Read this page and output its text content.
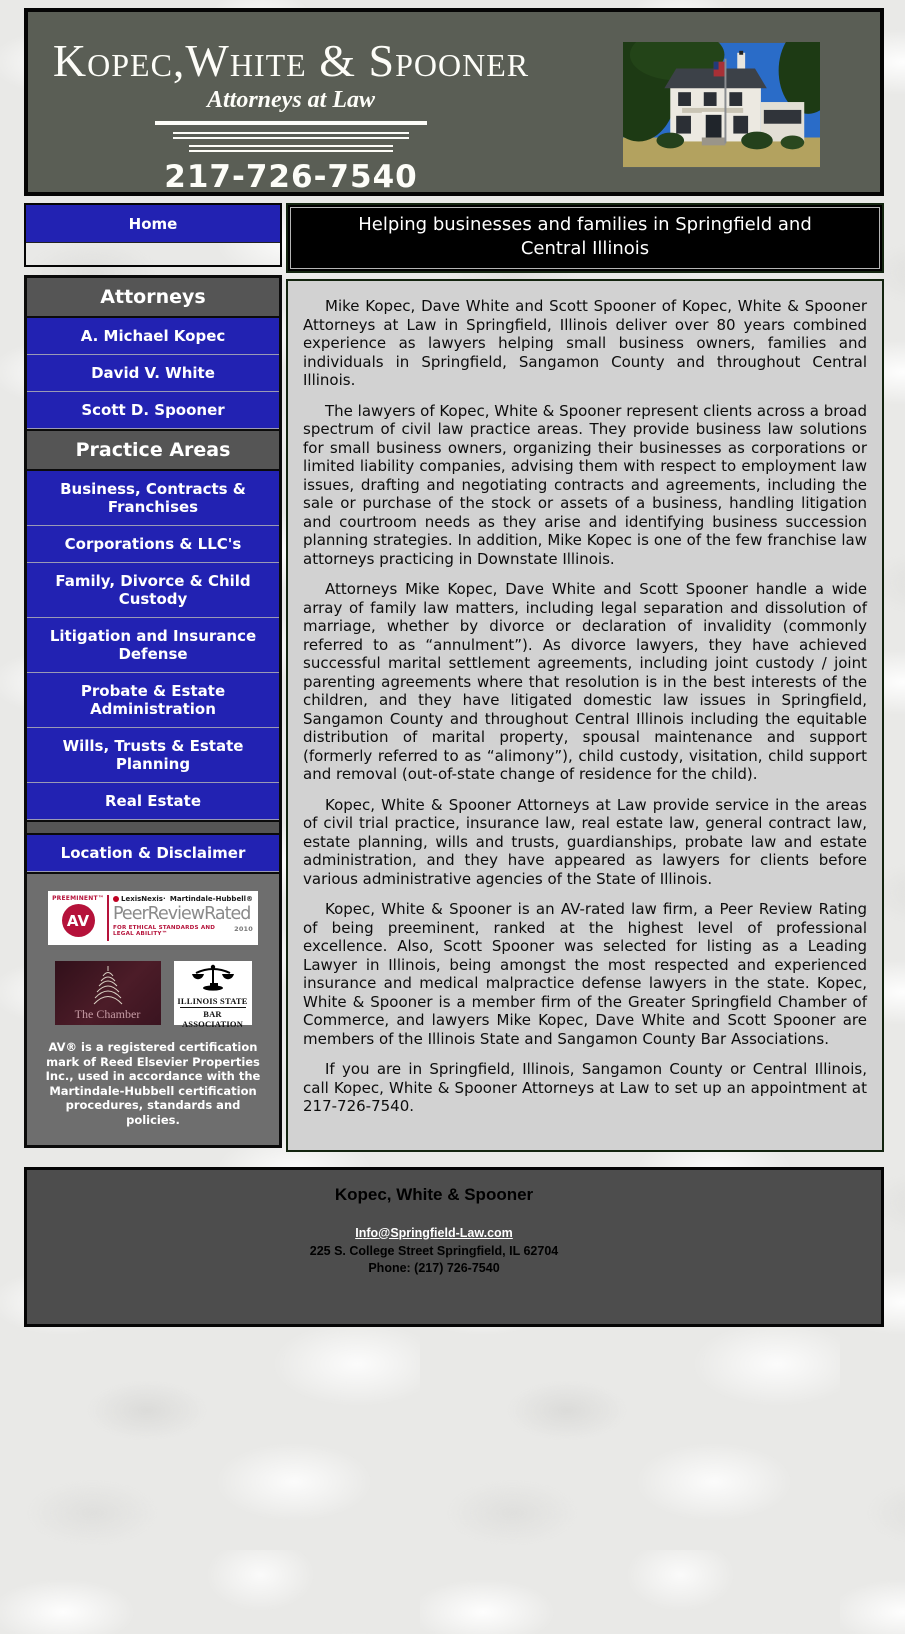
Kopec,White & Spooner
Attorneys at Law
217-726-7540
Home
Attorneys
A. Michael Kopec
David V. White
Scott D. Spooner
Practice Areas
Business, Contracts & Franchises
Corporations & LLC's
Family, Divorce & Child Custody
Litigation and Insurance Defense
Probate & Estate Administration
Wills, Trusts & Estate Planning
Real Estate
Location & Disclaimer
PREEMINENT™
AV
LexisNexis· Martindale-Hubbell®
PeerReviewRated
FOR ETHICAL STANDARDS AND LEGAL ABILITY™
2010
The Chamber
ILLINOIS STATE
BAR ASSOCIATION

AV® is a registered certification mark of Reed Elsevier Properties Inc., used in accordance with the Martindale-Hubbell certification procedures, standards and policies.

Helping businesses and families in Springfield and Central Illinois

Mike Kopec, Dave White and Scott Spooner of Kopec, White & Spooner Attorneys at Law in Springfield, Illinois deliver over 80 years combined experience as lawyers helping small business owners, families and individuals in Springfield, Sangamon County and throughout Central Illinois.

The lawyers of Kopec, White & Spooner represent clients across a broad spectrum of civil law practice areas. They provide business law solutions for small business owners, organizing their businesses as corporations or limited liability companies, advising them with respect to employment law issues, drafting and negotiating contracts and agreements, including the sale or purchase of the stock or assets of a business, handling litigation and courtroom needs as they arise and identifying business succession planning strategies. In addition, Mike Kopec is one of the few franchise law attorneys practicing in Downstate Illinois.

Attorneys Mike Kopec, Dave White and Scott Spooner handle a wide array of family law matters, including legal separation and dissolution of marriage, whether by divorce or declaration of invalidity (commonly referred to as “annulment”). As divorce lawyers, they have achieved successful marital settlement agreements, including joint custody / joint parenting agreements where that resolution is in the best interests of the children, and they have litigated domestic law issues in Springfield, Sangamon County and throughout Central Illinois including the equitable distribution of marital property, spousal maintenance and support (formerly referred to as “alimony”), child custody, visitation, child support and removal (out-of-state change of residence for the child).

Kopec, White & Spooner Attorneys at Law provide service in the areas of civil trial practice, insurance law, real estate law, general contract law, estate planning, wills and trusts, guardianships, probate law and estate administration, and they have appeared as lawyers for clients before various administrative agencies of the State of Illinois.

Kopec, White & Spooner is an AV-rated law firm, a Peer Review Rating of being preeminent, ranked at the highest level of professional excellence. Also, Scott Spooner was selected for listing as a Leading Lawyer in Illinois, being amongst the most respected and experienced insurance and medical malpractice defense lawyers in the state. Kopec, White & Spooner is a member firm of the Greater Springfield Chamber of Commerce, and lawyers Mike Kopec, Dave White and Scott Spooner are members of the Illinois State and Sangamon County Bar Associations.

If you are in Springfield, Illinois, Sangamon County or Central Illinois, call Kopec, White & Spooner Attorneys at Law to set up an appointment at 217-726-7540.

Kopec, White & Spooner
Info@Springfield-Law.com
225 S. College Street Springfield, IL 62704
Phone: (217) 726-7540
